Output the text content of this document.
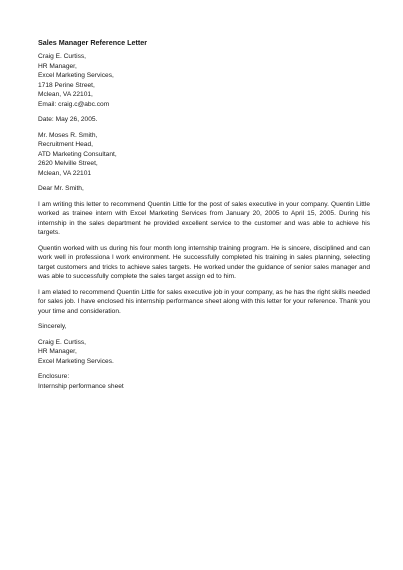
Sales Manager Reference Letter
Craig E. Curtiss,
HR Manager,
Excel Marketing Services,
1718 Perine Street,
Mclean, VA 22101,
Email: craig.c@abc.com
Date: May 26, 2005.
Mr. Moses R. Smith,
Recruitment Head,
ATD Marketing Consultant,
2620 Melville Street,
Mclean, VA 22101
Dear Mr. Smith,

I am writing this letter to recommend Quentin Little for the post of sales executive in your company. Quentin Little worked as trainee intern with Excel Marketing Services from January 20, 2005 to April 15, 2005. During his internship in the sales department he provided excellent service to the customer and was able to achieve his targets.

Quentin worked with us during his four month long internship training program. He is sincere, disciplined and can work well in professiona l work environment. He successfully completed his training in sales planning, selecting target customers and tricks to achieve sales targets. He worked under the guidance of senior sales manager and was able to successfully complete the sales target assign ed to him.

I am elated to recommend Quentin Little for sales executive job in your company, as he has the right skills needed for sales job. I have enclosed his internship performance sheet along with this letter for your reference. Thank you your time and consideration.

Sincerely,
Craig E. Curtiss,
HR Manager,
Excel Marketing Services.
Enclosure:
Internship performance sheet
